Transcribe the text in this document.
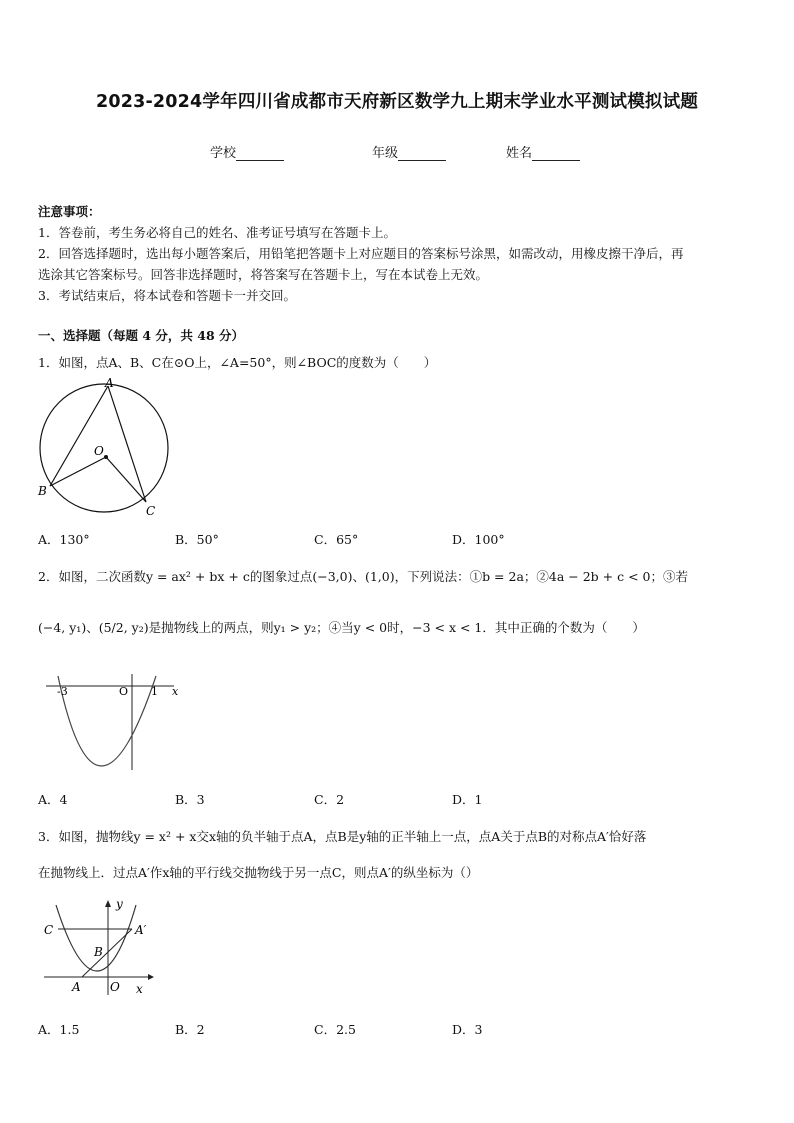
2023-2024学年四川省成都市天府新区数学九上期末学业水平测试模拟试题
学校	年级	姓名
注意事项：
1．答卷前，考生务必将自己的姓名、准考证号填写在答题卡上。
2．回答选择题时，选出每小题答案后，用铅笔把答题卡上对应题目的答案标号涂黑，如需改动，用橡皮擦干净后，再
选涂其它答案标号。回答非选择题时，将答案写在答题卡上，写在本试卷上无效。
3．考试结束后，将本试卷和答题卡一并交回。
一、选择题（每题 4 分，共 48 分）
1．如图，点A、B、C在⊙O上，∠A=50°，则∠BOC的度数为（　　）
A
O
B
C
A．130°	B．50°	C．65°	D．100°
2．如图，二次函数y = ax² + bx + c的图象过点(−3,0)、(1,0)，下列说法：①b = 2a；②4a − 2b + c < 0；③若
(−4, y₁)、(5/2, y₂)是抛物线上的两点，则y₁ > y₂；④当y < 0时，−3 < x < 1．其中正确的个数为（　　）
-3	O 1 x
A．4	B．3	C．2	D．1
3．如图，抛物线y = x² + x交x轴的负半轴于点A，点B是y轴的正半轴上一点，点A关于点B的对称点A′恰好落
在抛物线上．过点A′作x轴的平行线交抛物线于另一点C，则点A′的纵坐标为（）
y
C	A′
B
A O x
A．1.5	B．2	C．2.5	D．3
